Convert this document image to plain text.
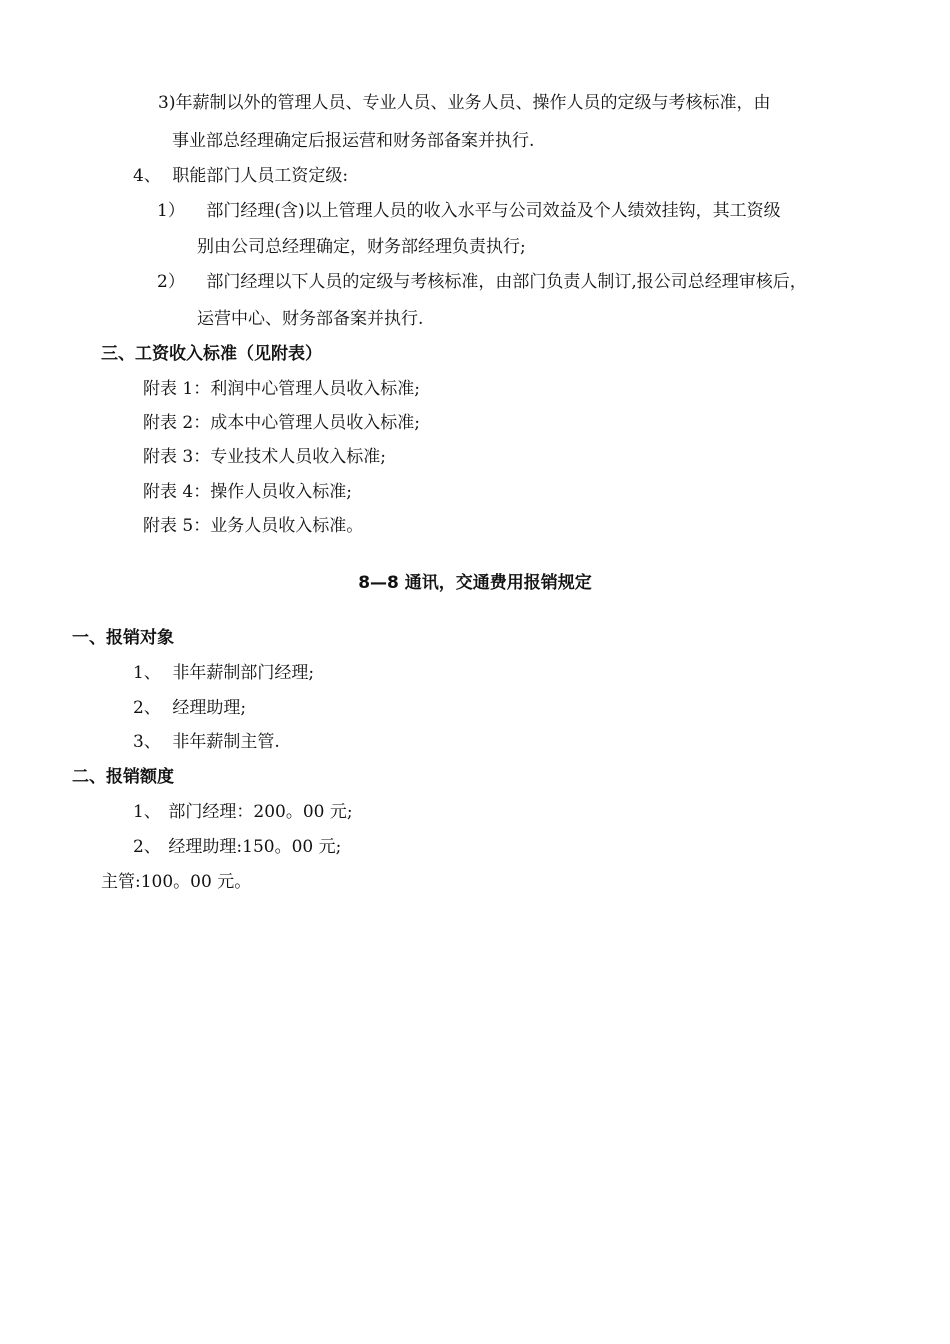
3)年薪制以外的管理人员、专业人员、业务人员、操作人员的定级与考核标准，由
事业部总经理确定后报运营和财务部备案并执行.
4、 职能部门人员工资定级:
1） 部门经理(含)以上管理人员的收入水平与公司效益及个人绩效挂钩，其工资级
别由公司总经理确定，财务部经理负责执行;
2） 部门经理以下人员的定级与考核标准，由部门负责人制订,报公司总经理审核后，
运营中心、财务部备案并执行.
三、工资收入标准（见附表）
附表 1：利润中心管理人员收入标准;
附表 2：成本中心管理人员收入标准;
附表 3：专业技术人员收入标准;
附表 4：操作人员收入标准;
附表 5：业务人员收入标准。
8—8 通讯，交通费用报销规定
一、报销对象
1、 非年薪制部门经理;
2、 经理助理;
3、 非年薪制主管.
二、报销额度
1、 部门经理：200。00 元;
2、 经理助理:150。00 元;
主管:100。00 元。
